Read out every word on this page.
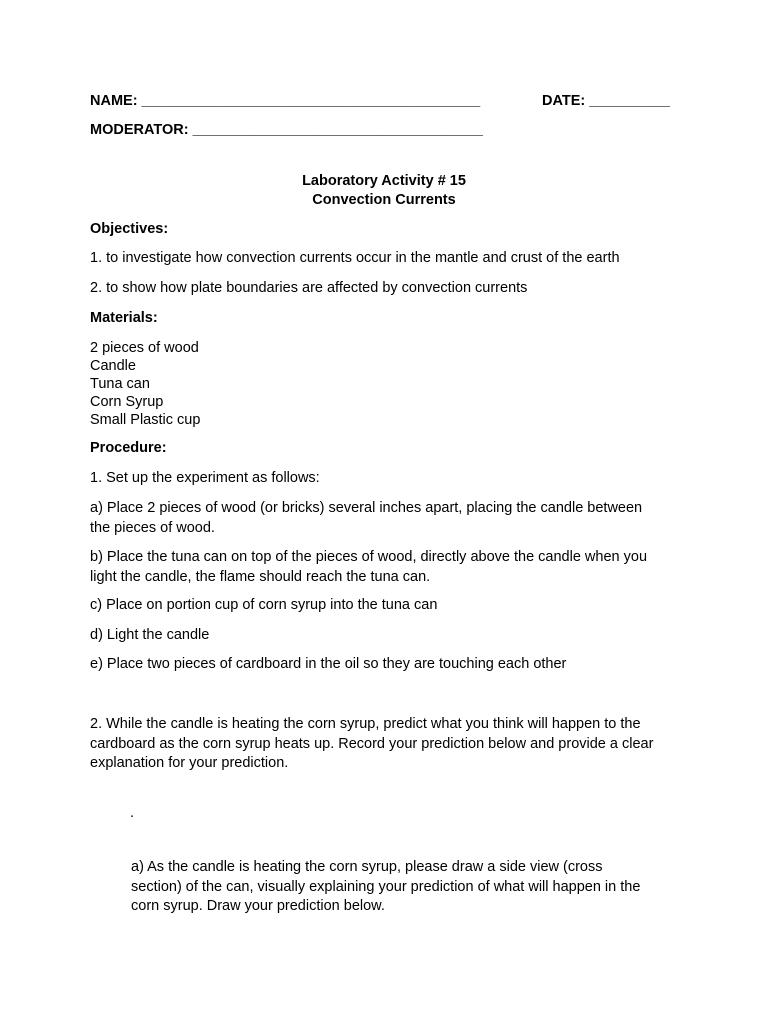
NAME: __________________________________________	DATE: __________

MODERATOR: ____________________________________

Laboratory Activity # 15
Convection Currents

Objectives:

1. to investigate how convection currents occur in the mantle and crust of the earth

2. to show how plate boundaries are affected by convection currents

Materials:

2 pieces of wood
Candle
Tuna can
Corn Syrup
Small Plastic cup

Procedure:

1. Set up the experiment as follows:

a) Place 2 pieces of wood (or bricks) several inches apart, placing the candle between
the pieces of wood.
b) Place the tuna can on top of the pieces of wood, directly above the candle when you
light the candle, the flame should reach the tuna can.

c) Place on portion cup of corn syrup into the tuna can

d) Light the candle

e) Place two pieces of cardboard in the oil so they are touching each other

2. While the candle is heating the corn syrup, predict what you think will happen to the
cardboard as the corn syrup heats up. Record your prediction below and provide a clear
explanation for your prediction.

.

a) As the candle is heating the corn syrup, please draw a side view (cross
section) of the can, visually explaining your prediction of what will happen in the
corn syrup. Draw your prediction below.
